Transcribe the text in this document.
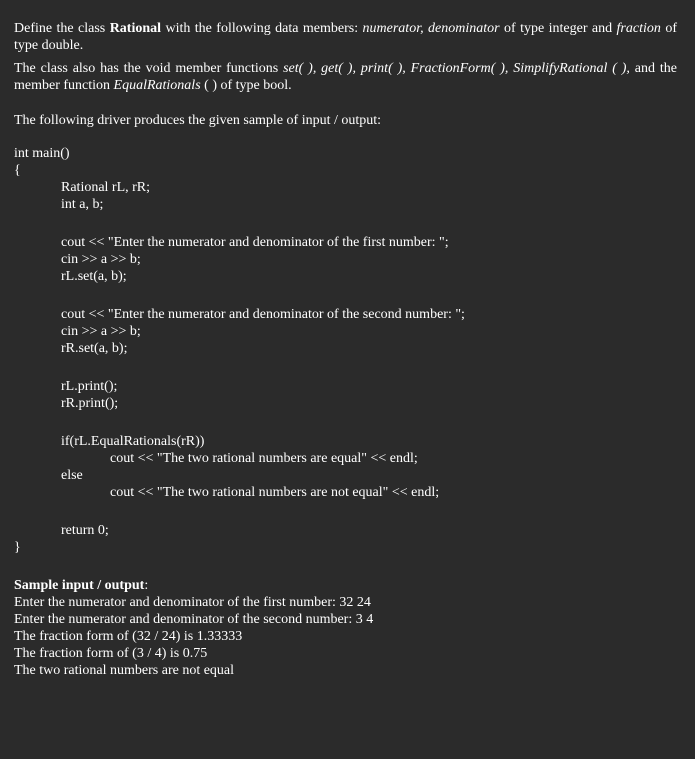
Define the class Rational with the following data members: numerator, denominator of type integer and fraction of type double.

The class also has the void member functions set( ), get( ), print( ), FractionForm( ), SimplifyRational ( ), and the member function EqualRationals ( ) of type bool.

The following driver produces the given sample of input / output:

int main()
{
Rational rL, rR;
int a, b;
cout << "Enter the numerator and denominator of the first number: ";
cin >> a >> b;
rL.set(a, b);
cout << "Enter the numerator and denominator of the second number: ";
cin >> a >> b;
rR.set(a, b);
rL.print();
rR.print();
if(rL.EqualRationals(rR))
cout << "The two rational numbers are equal" << endl;
else
cout << "The two rational numbers are not equal" << endl;
return 0;
}
Sample input / output:
Enter the numerator and denominator of the first number: 32 24
Enter the numerator and denominator of the second number: 3 4
The fraction form of (32 / 24) is 1.33333
The fraction form of (3 / 4) is 0.75
The two rational numbers are not equal
